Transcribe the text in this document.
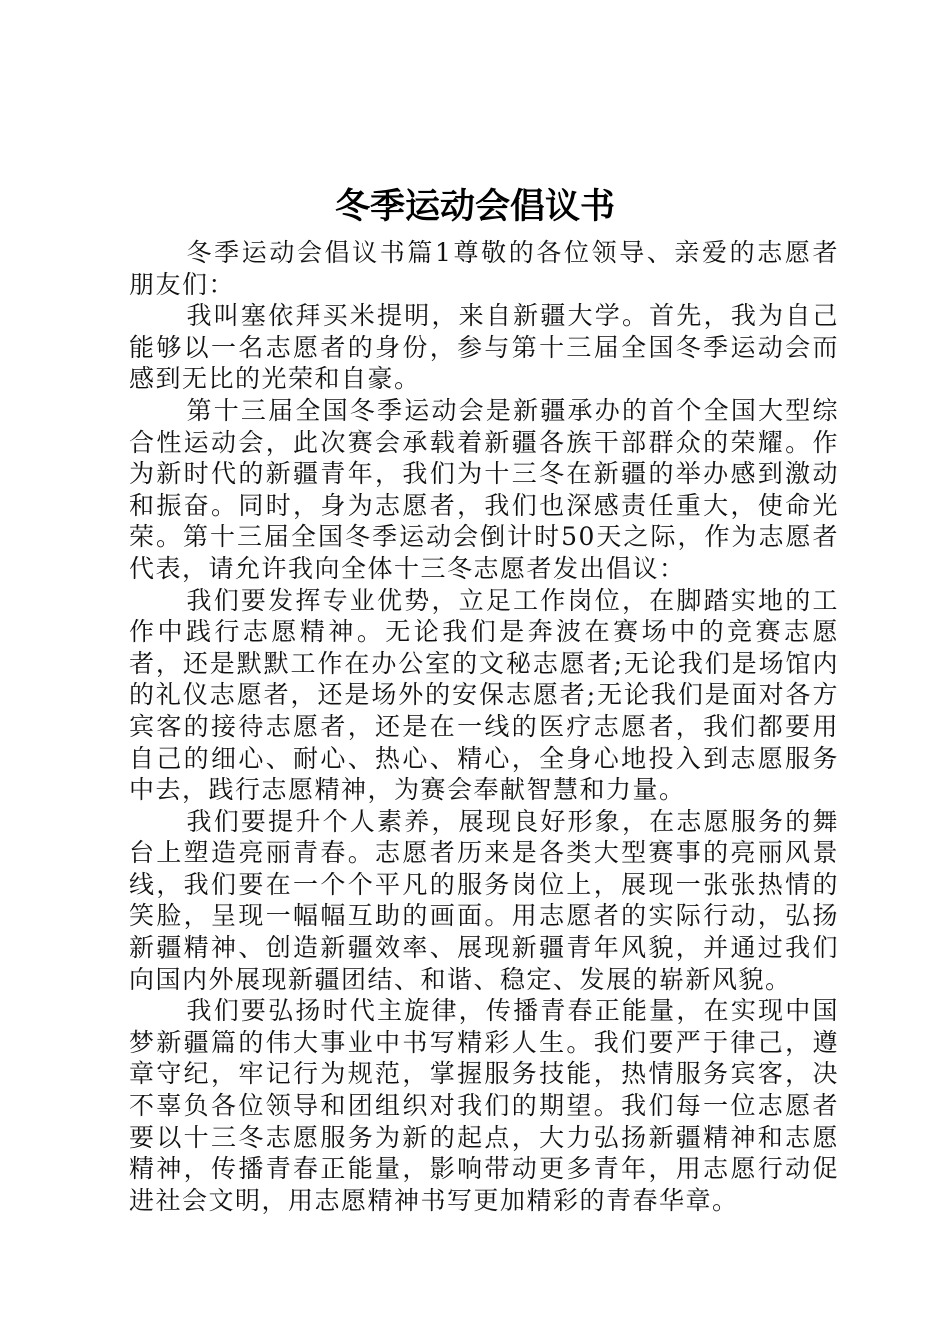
冬季运动会倡议书

冬季运动会倡议书篇1尊敬的各位领导、亲爱的志愿者朋友们：

我叫塞依拜买米提明，来自新疆大学。首先，我为自己能够以一名志愿者的身份，参与第十三届全国冬季运动会而感到无比的光荣和自豪。

第十三届全国冬季运动会是新疆承办的首个全国大型综合性运动会，此次赛会承载着新疆各族干部群众的荣耀。作为新时代的新疆青年，我们为十三冬在新疆的举办感到激动和振奋。同时，身为志愿者，我们也深感责任重大，使命光荣。第十三届全国冬季运动会倒计时50天之际，作为志愿者代表，请允许我向全体十三冬志愿者发出倡议：

我们要发挥专业优势，立足工作岗位，在脚踏实地的工作中践行志愿精神。无论我们是奔波在赛场中的竞赛志愿者，还是默默工作在办公室的文秘志愿者;无论我们是场馆内的礼仪志愿者，还是场外的安保志愿者;无论我们是面对各方宾客的接待志愿者，还是在一线的医疗志愿者，我们都要用自己的细心、耐心、热心、精心，全身心地投入到志愿服务中去，践行志愿精神，为赛会奉献智慧和力量。

我们要提升个人素养，展现良好形象，在志愿服务的舞台上塑造亮丽青春。志愿者历来是各类大型赛事的亮丽风景线，我们要在一个个平凡的服务岗位上，展现一张张热情的笑脸，呈现一幅幅互助的画面。用志愿者的实际行动，弘扬新疆精神、创造新疆效率、展现新疆青年风貌，并通过我们向国内外展现新疆团结、和谐、稳定、发展的崭新风貌。

我们要弘扬时代主旋律，传播青春正能量，在实现中国梦新疆篇的伟大事业中书写精彩人生。我们要严于律己，遵章守纪，牢记行为规范，掌握服务技能，热情服务宾客，决不辜负各位领导和团组织对我们的期望。我们每一位志愿者要以十三冬志愿服务为新的起点，大力弘扬新疆精神和志愿精神，传播青春正能量，影响带动更多青年，用志愿行动促进社会文明，用志愿精神书写更加精彩的青春华章。
